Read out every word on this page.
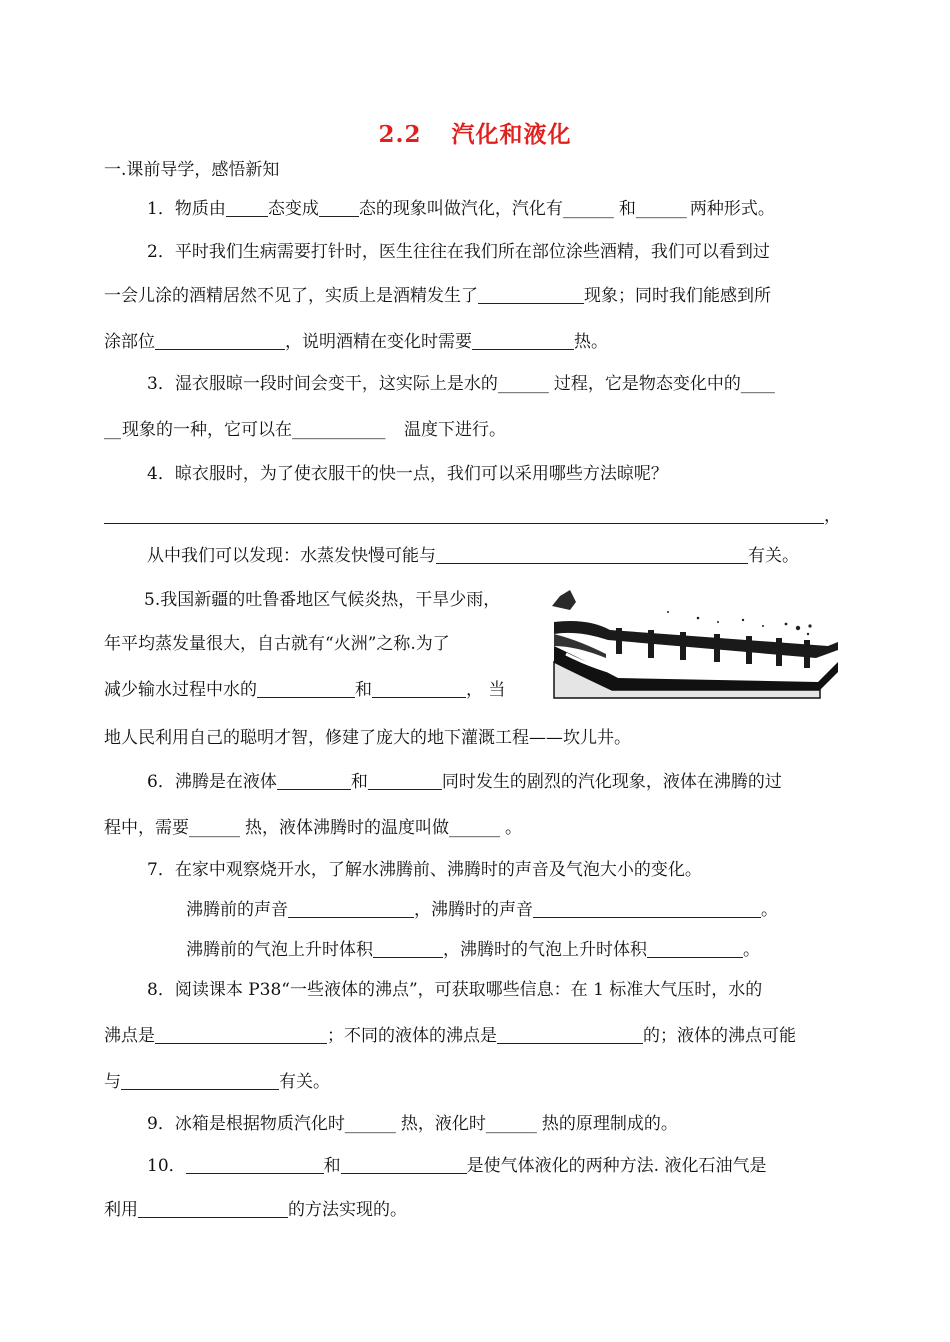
2.2 汽化和液化
一.课前导学，感悟新知
1．物质由 态变成 态的现象叫做汽化，汽化有______ 和______ 两种形式。
2．平时我们生病需要打针时，医生往往在我们所在部位涂些酒精，我们可以看到过
一会儿涂的酒精居然不见了，实质上是酒精发生了	现象；同时我们能感到所
涂部位	，说明酒精在变化时需要	热。
3．湿衣服晾一段时间会变干，这实际上是水的______ 过程，它是物态变化中的____
__现象的一种，它可以在___________ 温度下进行。
4．晾衣服时，为了使衣服干的快一点，我们可以采用哪些方法晾呢？
，
从中我们可以发现：水蒸发快慢可能与	有关。
5.我国新疆的吐鲁番地区气候炎热，干旱少雨，
年平均蒸发量很大，自古就有“火洲”之称.为了
减少输水过程中水的	和	， 当
地人民利用自己的聪明才智，修建了庞大的地下灌溉工程——坎儿井。
6．沸腾是在液体	和	同时发生的剧烈的汽化现象，液体在沸腾的过
程中，需要______ 热，液体沸腾时的温度叫做______ 。
7．在家中观察烧开水，了解水沸腾前、沸腾时的声音及气泡大小的变化。
沸腾前的声音	，沸腾时的声音	。
沸腾前的气泡上升时体积	，沸腾时的气泡上升时体积	。
8．阅读课本 P38“一些液体的沸点”，可获取哪些信息：在 1 标准大气压时，水的
沸点是	；不同的液体的沸点是	的；液体的沸点可能
与	有关。
9．冰箱是根据物质汽化时______ 热，液化时______ 热的原理制成的。
10．	和	是使气体液化的两种方法. 液化石油气是
利用	的方法实现的。
